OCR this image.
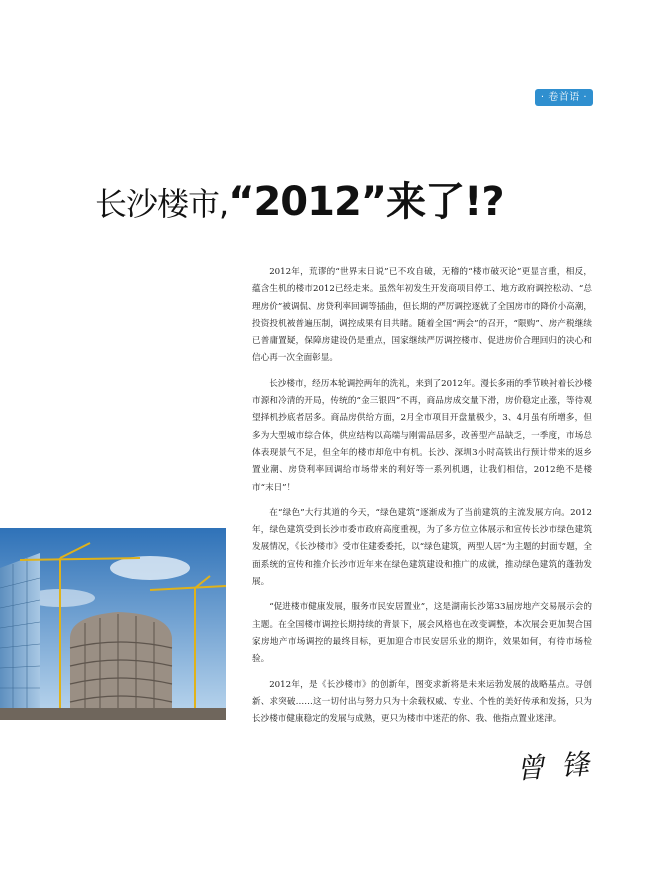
· 卷首语 ·
长沙楼市,“2012”来了!?

2012年，荒谬的“世界末日说”已不攻自破，无稽的“楼市破灭论”更显言重，相反，蕴含生机的楼市2012已经走来。虽然年初发生开发商项目停工、地方政府调控松动、“总理房价”被调侃、房贷利率回调等插曲，但长期的严厉调控逐就了全国房市的降价小高潮，投资投机被普遍压制，调控成果有目共睹。随着全国“两会”的召开，“限购”、房产税继续已普庸置疑，保障房建设仍是重点，国家继续严厉调控楼市、促进房价合理回归的决心和信心再一次全面彰显。

长沙楼市，经历本轮调控两年的洗礼，来到了2012年。漫长多雨的季节映衬着长沙楼市源和冷清的开局，传统的“金三银四”不再，商品房成交量下滑，房价稳定止涨，等待观望择机抄底者居多。商品房供给方面，2月全市项目开盘量极少，3、4月虽有所增多，但多为大型城市综合体，供应结构以高端与刚需品居多，改善型产品缺乏，一季度，市场总体表现景气不足，但全年的楼市却危中有机。长沙、深圳3小时高铁出行预计带来的返乡置业潮、房贷利率回调给市场带来的利好等一系列机遇，让我们相信，2012绝不是楼市“末日”！

在“绿色”大行其道的今天，“绿色建筑”逐渐成为了当前建筑的主流发展方向。2012年，绿色建筑受到长沙市委市政府高度重视，为了多方位立体展示和宣传长沙市绿色建筑发展情况，《长沙楼市》受市住建委委托，以“绿色建筑，两型人居”为主题的封面专题，全面系统的宣传和推介长沙市近年来在绿色建筑建设和推广的成就，推动绿色建筑的蓬勃发展。

“促进楼市健康发展，服务市民安居置业”，这是湖南长沙第33届房地产交易展示会的主题。在全国楼市调控长期持续的背景下，展会风格也在改变调整，本次展会更加契合国家房地产市场调控的最终目标，更加迎合市民安居乐业的期许，效果如何，有待市场检验。

2012年，是《长沙楼市》的创新年，图变求新将是未来运勃发展的战略基点。寻创新、求突破……这一切付出与努力只为十余载权威、专业、个性的美好传承和发扬，只为长沙楼市健康稳定的发展与成熟，更只为楼市中迷茫的你、我、他指点置业迷津。

曾 锋
